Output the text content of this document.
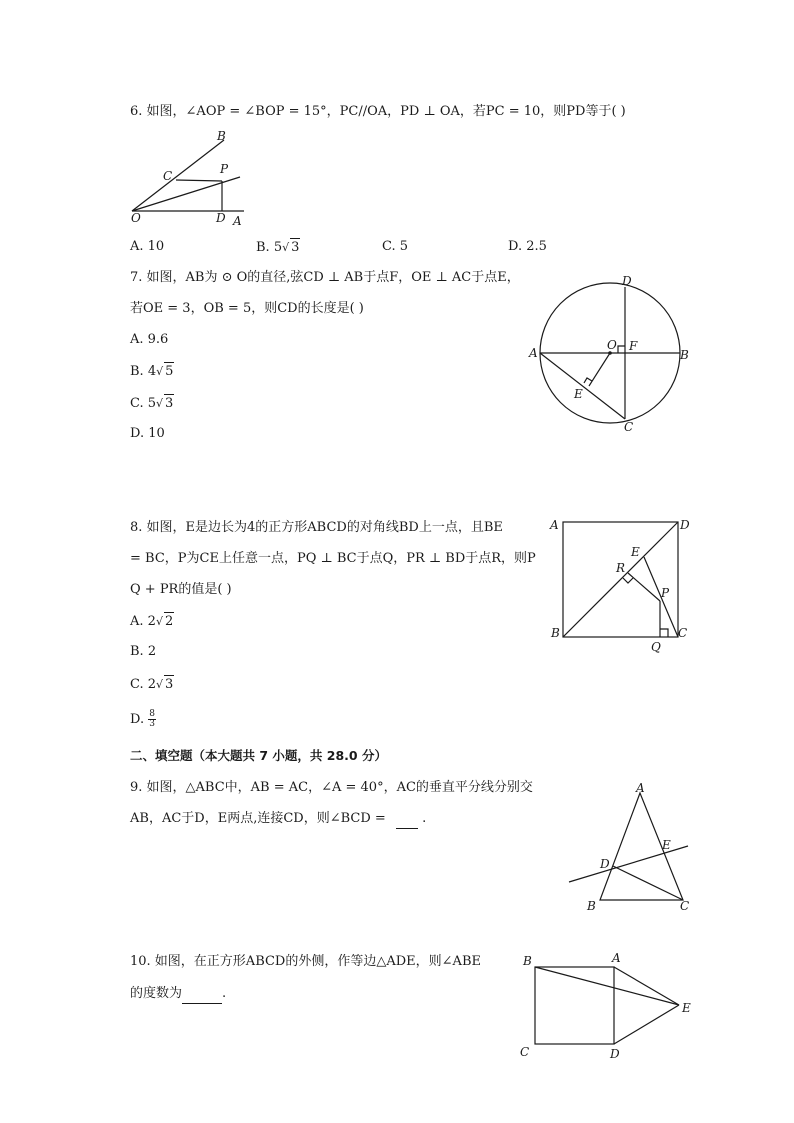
6. 如图，∠AOP = ∠BOP = 15°，PC//OA，PD ⊥ OA，若PC = 10，则PD等于( )
B
C	P
O	D A
A. 10	B. 5√ 3	C. 5	D. 2.5
7. 如图，AB为 ⊙ O的直径,弦CD ⊥ AB于点F，OE ⊥ AC于点E，
若OE = 3，OB = 5，则CD的长度是( )
A. 9.6
B. 4√ 5
C. 5√ 3
D. 10
D
A
O F
B
E
C
8. 如图，E是边长为4的正方形ABCD的对角线BD上一点，且BE
= BC，P为CE上任意一点，PQ ⊥ BC于点Q，PR ⊥ BD于点R，则P
Q + PR的值是( )
A. 2√ 2
B. 2
C. 2√ 3
D. $\frac{8}{3}$
A	D
E
R
P
B	C
Q
二、填空题（本大题共 7 小题，共 28.0 分）
9. 如图，△ABC中，AB = AC，∠A = 40°，AC的垂直平分线分别交
AB，AC于D，E两点,连接CD，则∠BCD =	.
A
E
D
B	C
10. 如图，在正方形ABCD的外侧，作等边△ADE，则∠ABE
的度数为	.
B	A
E
C	D
